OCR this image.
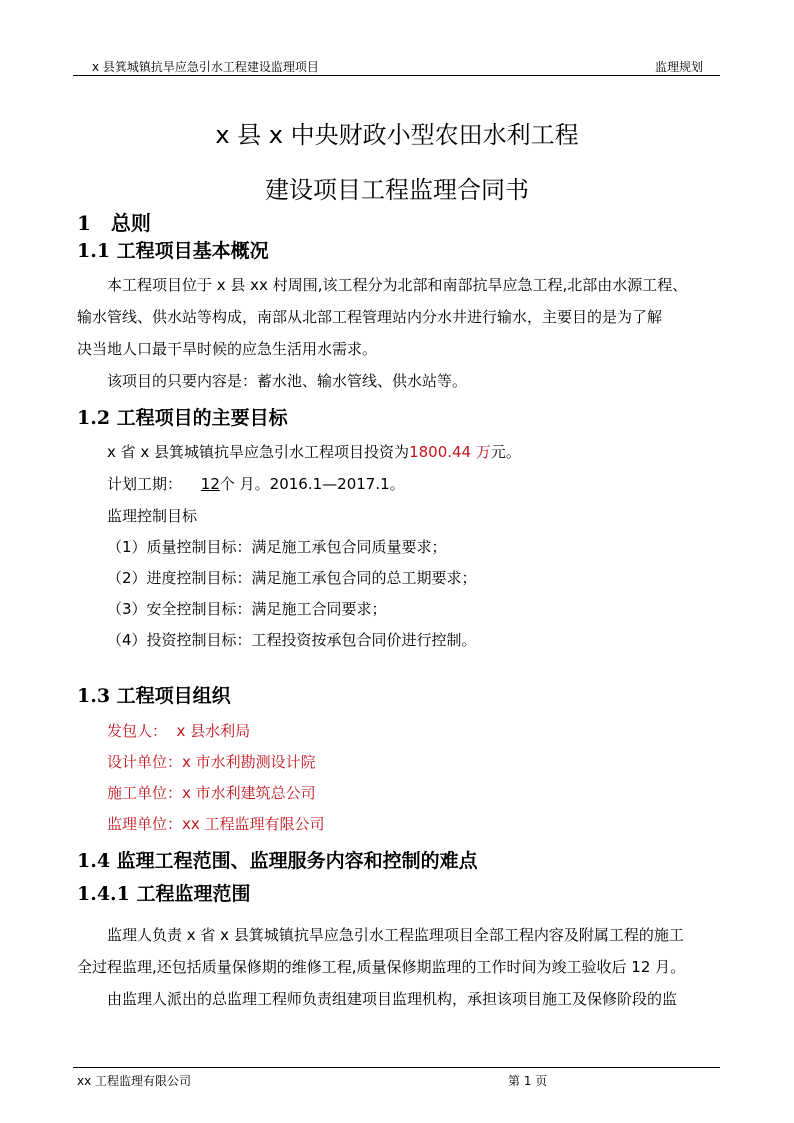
x 县箕城镇抗旱应急引水工程建设监理项目	监理规划
x 县 x 中央财政小型农田水利工程
建设项目工程监理合同书
1　总则
1.1 工程项目基本概况
本工程项目位于 x 县 xx 村周围,该工程分为北部和南部抗旱应急工程,北部由水源工程、
输水管线、供水站等构成，南部从北部工程管理站内分水井进行输水，主要目的是为了解
决当地人口最干旱时候的应急生活用水需求。
该项目的只要内容是：蓄水池、输水管线、供水站等。
1.2 工程项目的主要目标
x 省 x 县箕城镇抗旱应急引水工程项目投资为1800.44 万元。
计划工期： 12个 月。2016.1—2017.1。
监理控制目标
（1）质量控制目标：满足施工承包合同质量要求；
（2）进度控制目标：满足施工承包合同的总工期要求；
（3）安全控制目标：满足施工合同要求；
（4）投资控制目标：工程投资按承包合同价进行控制。
1.3 工程项目组织
发包人：  x 县水利局
设计单位：x 市水利勘测设计院
施工单位：x 市水利建筑总公司
监理单位：xx 工程监理有限公司
1.4 监理工程范围、监理服务内容和控制的难点
1.4.1 工程监理范围
监理人负责 x 省 x 县箕城镇抗旱应急引水工程监理项目全部工程内容及附属工程的施工
全过程监理,还包括质量保修期的维修工程,质量保修期监理的工作时间为竣工验收后 12 月。
由监理人派出的总监理工程师负责组建项目监理机构，承担该项目施工及保修阶段的监
xx 工程监理有限公司	第 1 页
